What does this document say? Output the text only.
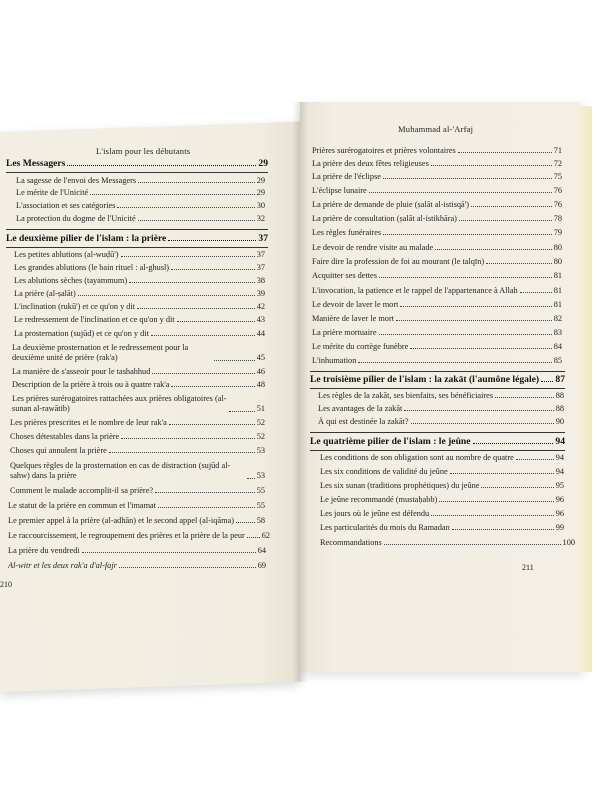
L'islam pour les débutants
Les Messagers	29
La sagesse de l'envoi des Messagers	29
Le mérite de l'Unicité	29
L'association et ses catégories	30
La protection du dogme de l'Unicité	32
Le deuxième pilier de l'islam : la prière	37
Les petites ablutions (al-wuḍū')	37
Les grandes ablutions (le bain rituel : al-ghusl)	37
Les ablutions sèches (tayammum)	38
La prière (al-ṣalāt)	39
L'inclination (rukū') et ce qu'on y dit	42
Le redressement de l'inclination et ce qu'on y dit	43
La prosternation (sujūd) et ce qu'on y dit	44
La deuxième prosternation et le redressement pour la deuxième unité de prière (rak'a)	45
La manière de s'asseoir pour le tashahhud	46
Description de la prière à trois ou à quatre rak'a	48
Les prières surérogatoires rattachées aux prières obligatoires (al-sunan al-rawātib)	51
Les prières prescrites et le nombre de leur rak'a	52
Choses détestables dans la prière	52
Choses qui annulent la prière	53
Quelques règles de la prosternation en cas de distraction (sujūd al-sahw) dans la prière	53
Comment le malade accomplit-il sa prière?	55
Le statut de la prière en commun et l'imamat	55
Le premier appel à la prière (al-adhān) et le second appel (al-iqāma)	58
Le raccourcissement, le regroupement des prières et la prière de la peur 62
La prière du vendredi	64
Al-witr et les deux rak'a d'al-fajr	69
210
Muhammad al-'Arfaj
Prières surérogatoires et prières volontaires	71
La prière des deux fêtes religieuses	72
La prière de l'éclipse	75
L'éclipse lunaire	76
La prière de demande de pluie (ṣalāt al-istisqā')	76
La prière de consultation (ṣalāt al-istikhāra)	78
Les règles funéraires	79
Le devoir de rendre visite au malade	80
Faire dire la profession de foi au mourant (le talqīn)	80
Acquitter ses dettes	81
L'invocation, la patience et le rappel de l'appartenance à Allah	81
Le devoir de laver le mort	81
Manière de laver le mort	82
La prière mortuaire	83
Le mérite du cortège funèbre	84
L'inhumation	85
Le troisième pilier de l'islam : la zakāt (l'aumône légale) 87
Les règles de la zakāt, ses bienfaits, ses bénéficiaires	88
Les avantages de la zakāt	88
À qui est destinée la zakāt?	90
Le quatrième pilier de l'islam : le jeûne	94
Les conditions de son obligation sont au nombre de quatre	94
Les six conditions de validité du jeûne	94
Les six sunan (traditions prophétiques) du jeûne	95
Le jeûne recommandé (mustaḥabb)	96
Les jours où le jeûne est défendu	96
Les particularités du mois du Ramadan	99
Recommandations	100
211
